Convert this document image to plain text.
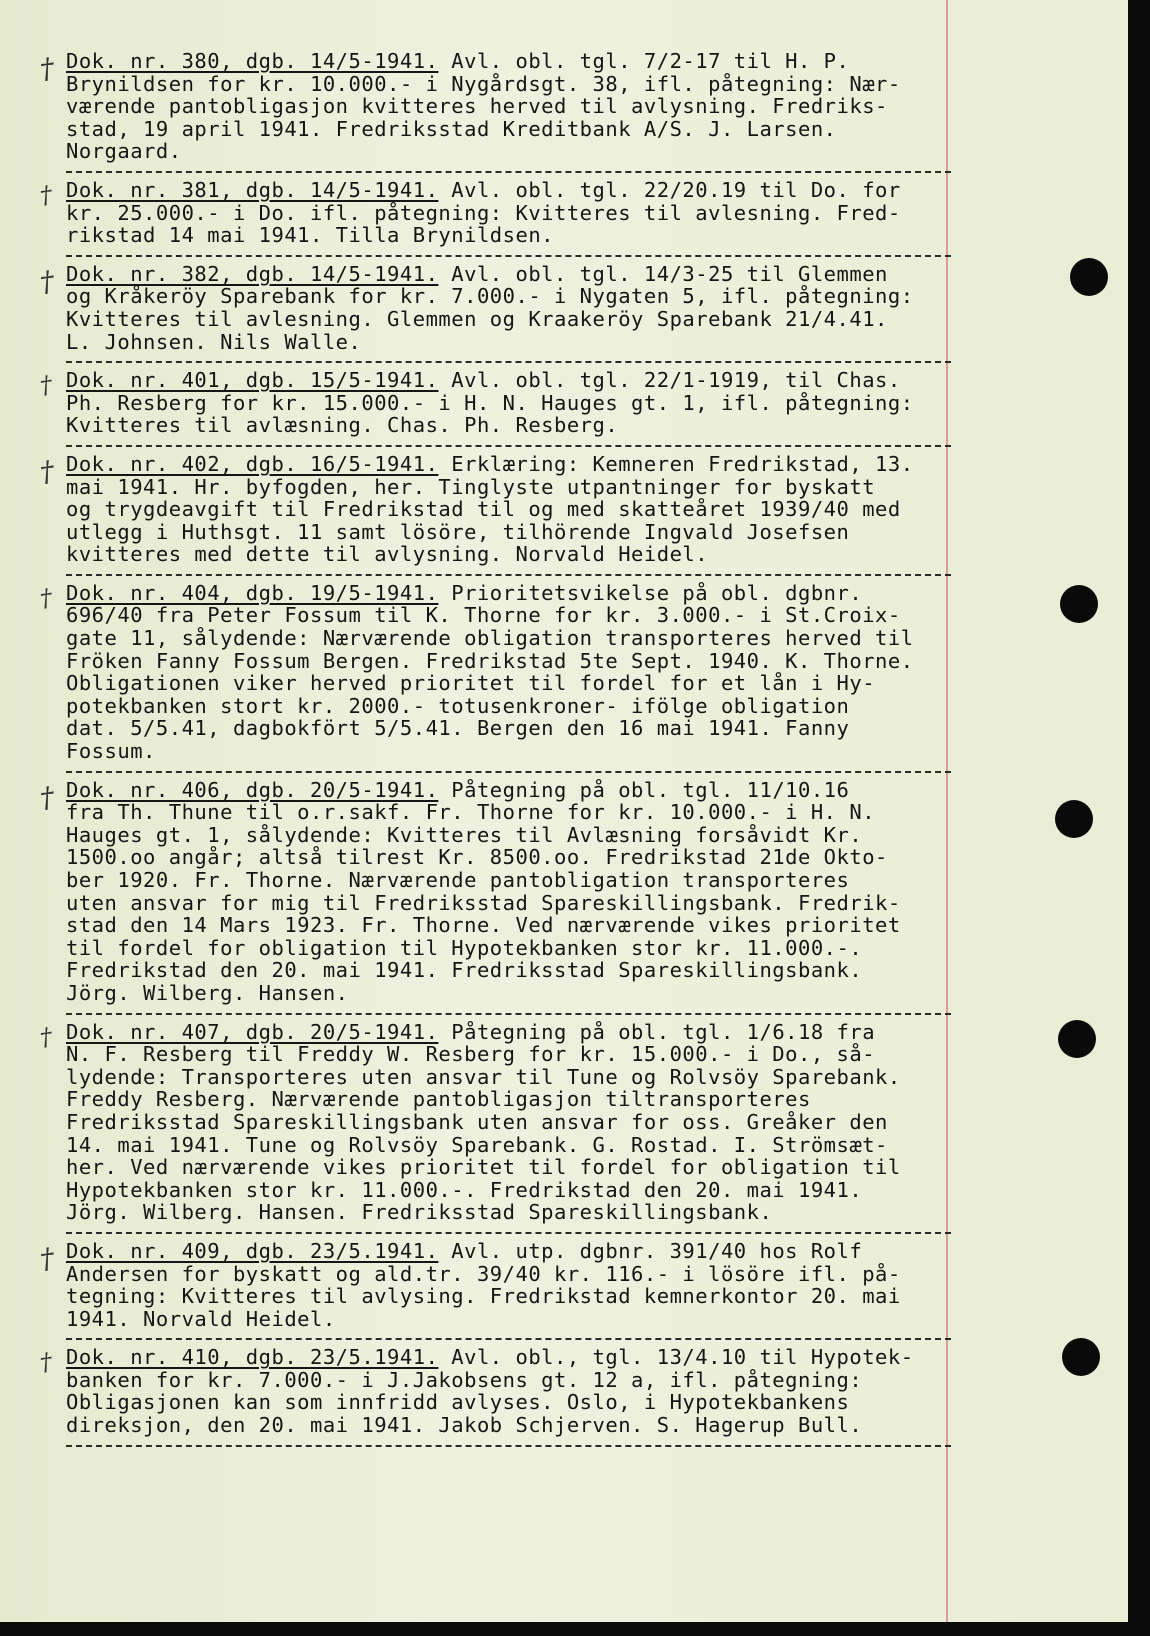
† Dok. nr. 380, dgb. 14/5-1941. Avl. obl. tgl. 7/2-17 til H. P.

Brynildsen for kr. 10.000.- i Nygårdsgt. 38, ifl. påtegning: Nær-

værende pantobligasjon kvitteres herved til avlysning. Fredriks-

stad, 19 april 1941. Fredriksstad Kreditbank A/S. J. Larsen.

Norgaard.

† Dok. nr. 381, dgb. 14/5-1941. Avl. obl. tgl. 22/20.19 til Do. for

kr. 25.000.- i Do. ifl. påtegning: Kvitteres til avlesning. Fred-

rikstad 14 mai 1941. Tilla Brynildsen.

† Dok. nr. 382, dgb. 14/5-1941. Avl. obl. tgl. 14/3-25 til Glemmen

og Kråkeröy Sparebank for kr. 7.000.- i Nygaten 5, ifl. påtegning:

Kvitteres til avlesning. Glemmen og Kraakeröy Sparebank 21/4.41.

L. Johnsen. Nils Walle.

† Dok. nr. 401, dgb. 15/5-1941. Avl. obl. tgl. 22/1-1919, til Chas.

Ph. Resberg for kr. 15.000.- i H. N. Hauges gt. 1, ifl. påtegning:

Kvitteres til avlæsning. Chas. Ph. Resberg.

† Dok. nr. 402, dgb. 16/5-1941. Erklæring: Kemneren Fredrikstad, 13.

mai 1941. Hr. byfogden, her. Tinglyste utpantninger for byskatt

og trygdeavgift til Fredrikstad til og med skatteåret 1939/40 med

utlegg i Huthsgt. 11 samt lösöre, tilhörende Ingvald Josefsen

kvitteres med dette til avlysning. Norvald Heidel.

† Dok. nr. 404, dgb. 19/5-1941. Prioritetsvikelse på obl. dgbnr.

696/40 fra Peter Fossum til K. Thorne for kr. 3.000.- i St.Croix-

gate 11, sålydende: Nærværende obligation transporteres herved til

Fröken Fanny Fossum Bergen. Fredrikstad 5te Sept. 1940. K. Thorne.

Obligationen viker herved prioritet til fordel for et lån i Hy-

potekbanken stort kr. 2000.- totusenkroner- ifölge obligation

dat. 5/5.41, dagbokfört 5/5.41. Bergen den 16 mai 1941. Fanny

Fossum.

† Dok. nr. 406, dgb. 20/5-1941. Påtegning på obl. tgl. 11/10.16

fra Th. Thune til o.r.sakf. Fr. Thorne for kr. 10.000.- i H. N.

Hauges gt. 1, sålydende: Kvitteres til Avlæsning forsåvidt Kr.

1500.oo angår; altså tilrest Kr. 8500.oo. Fredrikstad 21de Okto-

ber 1920. Fr. Thorne. Nærværende pantobligation transporteres

uten ansvar for mig til Fredriksstad Spareskillingsbank. Fredrik-

stad den 14 Mars 1923. Fr. Thorne. Ved nærværende vikes prioritet

til fordel for obligation til Hypotekbanken stor kr. 11.000.-.

Fredrikstad den 20. mai 1941. Fredriksstad Spareskillingsbank.

Jörg. Wilberg. Hansen.

† Dok. nr. 407, dgb. 20/5-1941. Påtegning på obl. tgl. 1/6.18 fra

N. F. Resberg til Freddy W. Resberg for kr. 15.000.- i Do., så-

lydende: Transporteres uten ansvar til Tune og Rolvsöy Sparebank.

Freddy Resberg. Nærværende pantobligasjon tiltransporteres

Fredriksstad Spareskillingsbank uten ansvar for oss. Greåker den

14. mai 1941. Tune og Rolvsöy Sparebank. G. Rostad. I. Strömsæt-

her. Ved nærværende vikes prioritet til fordel for obligation til

Hypotekbanken stor kr. 11.000.-. Fredrikstad den 20. mai 1941.

Jörg. Wilberg. Hansen. Fredriksstad Spareskillingsbank.

† Dok. nr. 409, dgb. 23/5.1941. Avl. utp. dgbnr. 391/40 hos Rolf

Andersen for byskatt og ald.tr. 39/40 kr. 116.- i lösöre ifl. på-

tegning: Kvitteres til avlysing. Fredrikstad kemnerkontor 20. mai

1941. Norvald Heidel.

† Dok. nr. 410, dgb. 23/5.1941. Avl. obl., tgl. 13/4.10 til Hypotek-

banken for kr. 7.000.- i J.Jakobsens gt. 12 a, ifl. påtegning:

Obligasjonen kan som innfridd avlyses. Oslo, i Hypotekbankens

direksjon, den 20. mai 1941. Jakob Schjerven. S. Hagerup Bull.
